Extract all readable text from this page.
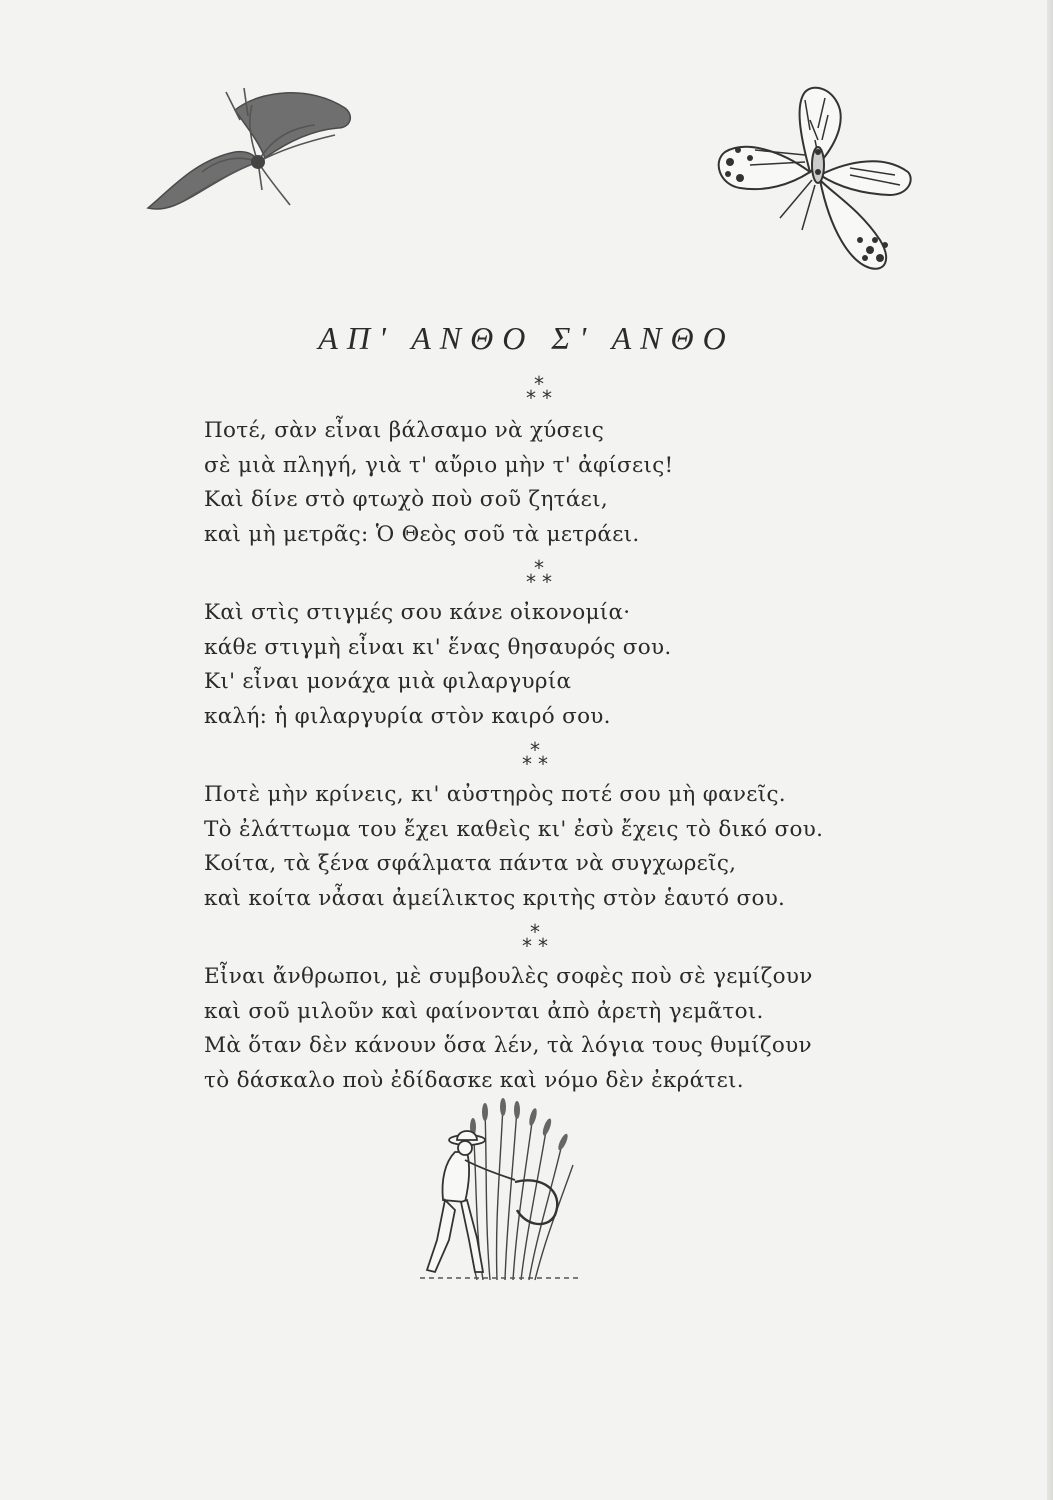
ΑΠ' ΑΝΘΟ Σ' ΑΝΘΟ
*
* *
Ποτέ, σὰν εἶναι βάλσαμο νὰ χύσεις
σὲ μιὰ πληγή, γιὰ τ' αὔριο μὴν τ' ἀφίσεις!
Καὶ δίνε στὸ φτωχὸ ποὺ σοῦ ζητάει,
καὶ μὴ μετρᾶς: Ὁ Θεὸς σοῦ τὰ μετράει.
*
* *
Καὶ στὶς στιγμές σου κάνε οἰκονομία·
κάθε στιγμὴ εἶναι κι' ἕνας θησαυρός σου.
Κι' εἶναι μονάχα μιὰ φιλαργυρία
καλή: ἡ φιλαργυρία στὸν καιρό σου.
*
* *
Ποτὲ μὴν κρίνεις, κι' αὐστηρὸς ποτέ σου μὴ φανεῖς.
Τὸ ἐλάττωμα του ἔχει καθεὶς κι' ἐσὺ ἔχεις τὸ δικό σου.
Κοίτα, τὰ ξένα σφάλματα πάντα νὰ συγχωρεῖς,
καὶ κοίτα νἆσαι ἀμείλικτος κριτὴς στὸν ἑαυτό σου.
*
* *
Εἶναι ἄνθρωποι, μὲ συμβουλὲς σοφὲς ποὺ σὲ γεμίζουν
καὶ σοῦ μιλοῦν καὶ φαίνονται ἀπὸ ἀρετὴ γεμᾶτοι.
Μὰ ὅταν δὲν κάνουν ὅσα λέν, τὰ λόγια τους θυμίζουν
τὸ δάσκαλο ποὺ ἐδίδασκε καὶ νόμο δὲν ἐκράτει.
